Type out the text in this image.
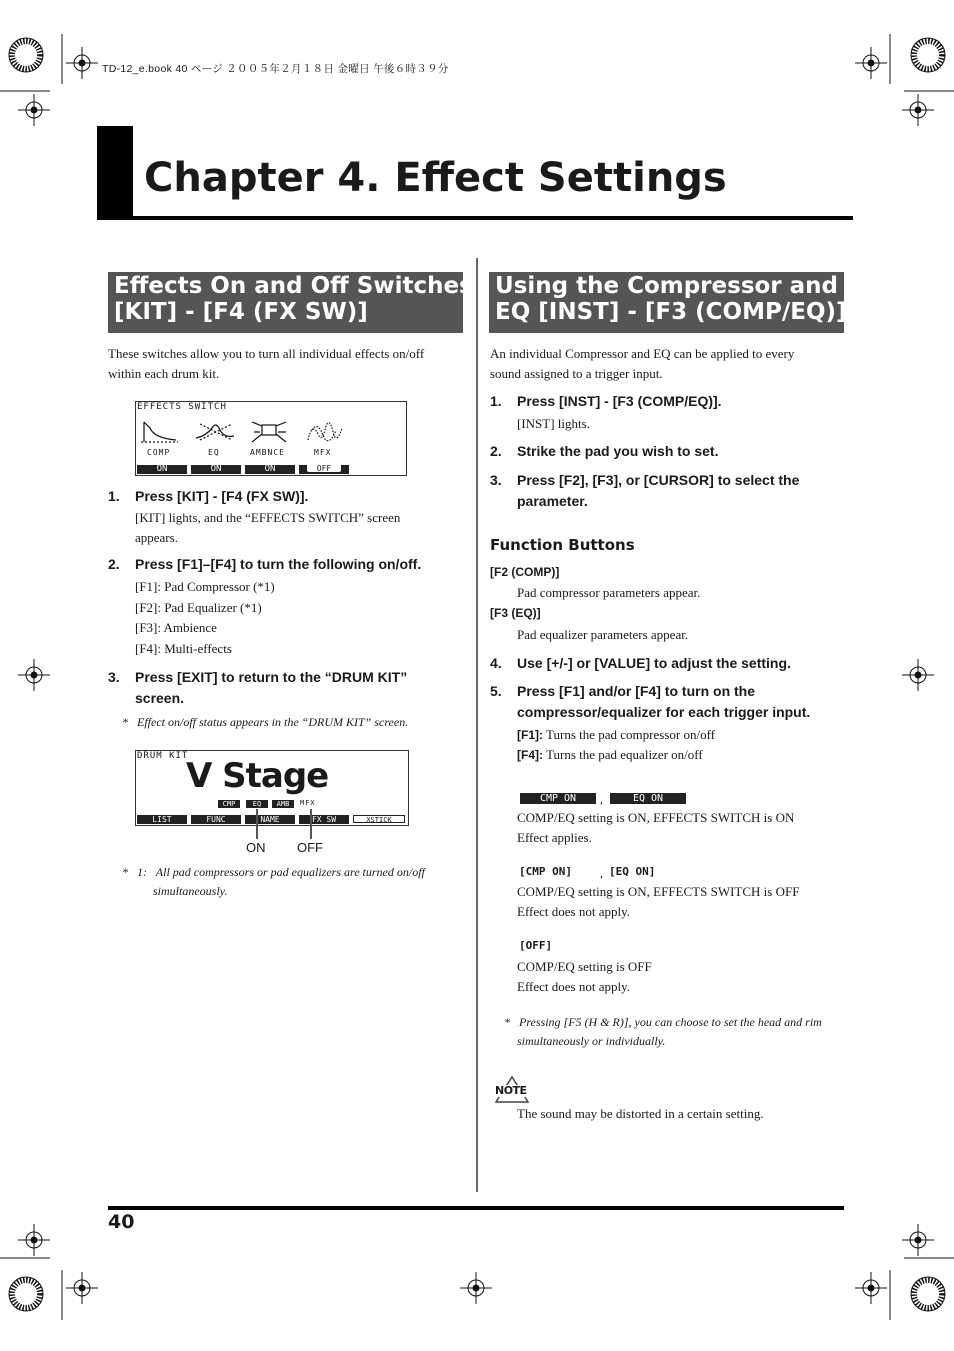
TD-12_e.book 40 ページ ２００５年２月１８日 金曜日 午後６時３９分
Chapter 4. Effect Settings
Effects On and Off Switches
[KIT] - [F4 (FX SW)]
These switches allow you to turn all individual effects on/off
within each drum kit.
EFFECTS SWITCH
COMP	EQ	AMBNCE	MFX
ON	ON	ON	OFF
1. Press [KIT] - [F4 (FX SW)].
[KIT] lights, and the “EFFECTS SWITCH” screen
appears.
2. Press [F1]–[F4] to turn the following on/off.
[F1]: Pad Compressor (*1)
[F2]: Pad Equalizer (*1)
[F3]: Ambience
[F4]: Multi-effects
3. Press [EXIT] to return to the “DRUM KIT”
screen.
*   Effect on/off status appears in the “DRUM KIT” screen.
DRUM KIT
V Stage
CMP	EQ	AMB	MFX
LIST	FUNC	NAME	FX SW	XSTICK
ON OFF
*   1:   All pad compressors or pad equalizers are turned on/off
simultaneously.
Using the Compressor and
EQ [INST] - [F3 (COMP/EQ)]
An individual Compressor and EQ can be applied to every
sound assigned to a trigger input.
1. Press [INST] - [F3 (COMP/EQ)].
[INST] lights.
2. Strike the pad you wish to set.
3. Press [F2], [F3], or [CURSOR] to select the
parameter.
Function Buttons
[F2 (COMP)]
Pad compressor parameters appear.
[F3 (EQ)]
Pad equalizer parameters appear.
4. Use [+/-] or [VALUE] to adjust the setting.
5. Press [F1] and/or [F4] to turn on the
compressor/equalizer for each trigger input.
[F1]: Turns the pad compressor on/off
[F4]: Turns the pad equalizer on/off
CMP ON	,	EQ ON
COMP/EQ setting is ON, EFFECTS SWITCH is ON
Effect applies.
[CMP ON] , [EQ ON]
COMP/EQ setting is ON, EFFECTS SWITCH is OFF
Effect does not apply.
[OFF]
COMP/EQ setting is OFF
Effect does not apply.
*   Pressing [F5 (H & R)], you can choose to set the head and rim
simultaneously or individually.
NOTE
The sound may be distorted in a certain setting.
40
